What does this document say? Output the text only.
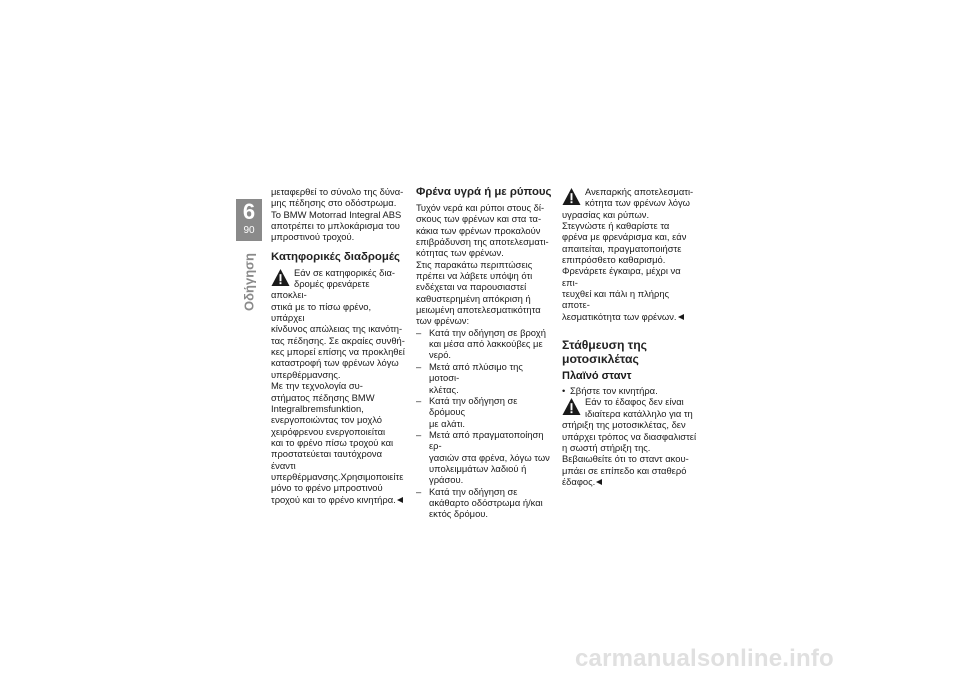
6
90
Οδήγηση

μεταφερθεί το σύνολο της δύνα-
μης πέδησης στο οδόστρωμα.
Το BMW Motorrad Integral ABS
αποτρέπει το μπλοκάρισμα του
μπροστινού τροχού.

Κατηφορικές διαδρομές

Εάν σε κατηφορικές δια-
δρομές φρενάρετε αποκλει-

στικά με το πίσω φρένο, υπάρχει
κίνδυνος απώλειας της ικανότη-
τας πέδησης. Σε ακραίες συνθή-
κες μπορεί επίσης να προκληθεί
καταστροφή των φρένων λόγω
υπερθέρμανσης.
Με την τεχνολογία συ-
στήματος πέδησης BMW
Integralbremsfunktion,
ενεργοποιώντας τον μοχλό
χειρόφρενου ενεργοποιείται
και το φρένο πίσω τροχού και
προστατεύεται ταυτόχρονα έναντι
υπερθέρμανσης.Χρησιμοποιείτε
μόνο το φρένο μπροστινού
τροχού και το φρένο κινητήρα.

Φρένα υγρά ή με ρύπους

Τυχόν νερά και ρύποι στους δί-
σκους των φρένων και στα τα-
κάκια των φρένων προκαλούν
επιβράδυνση της αποτελεσματι-
κότητας των φρένων.
Στις παρακάτω περιπτώσεις
πρέπει να λάβετε υπόψη ότι
ενδέχεται να παρουσιαστεί
καθυστερημένη απόκριση ή
μειωμένη αποτελεσματικότητα
των φρένων:

– Κατά την οδήγηση σε βροχή
και μέσα από λακκούβες με
νερό.

– Μετά από πλύσιμο της μοτοσι-
κλέτας.

– Κατά την οδήγηση σε δρόμους
με αλάτι.

– Μετά από πραγματοποίηση ερ-
γασιών στα φρένα, λόγω των
υπολειμμάτων λαδιού ή γράσου.

– Κατά την οδήγηση σε
ακάθαρτο οδόστρωμα ή/και
εκτός δρόμου.

Ανεπαρκής αποτελεσματι-
κότητα των φρένων λόγω

υγρασίας και ρύπων.
Στεγνώστε ή καθαρίστε τα
φρένα με φρενάρισμα και, εάν
απαιτείται, πραγματοποιήστε
επιπρόσθετο καθαρισμό.
Φρενάρετε έγκαιρα, μέχρι να επι-
τευχθεί και πάλι η πλήρης αποτε-
λεσματικότητα των φρένων.

Στάθμευση της
μοτοσικλέτας
Πλαϊνό σταντ

• Σβήστε τον κινητήρα.

Εάν το έδαφος δεν είναι
ιδιαίτερα κατάλληλο για τη

στήριξη της μοτοσικλέτας, δεν
υπάρχει τρόπος να διασφαλιστεί
η σωστή στήριξη της.
Βεβαιωθείτε ότι το σταντ ακου-
μπάει σε επίπεδο και σταθερό
έδαφος.

carmanualsonline.info
